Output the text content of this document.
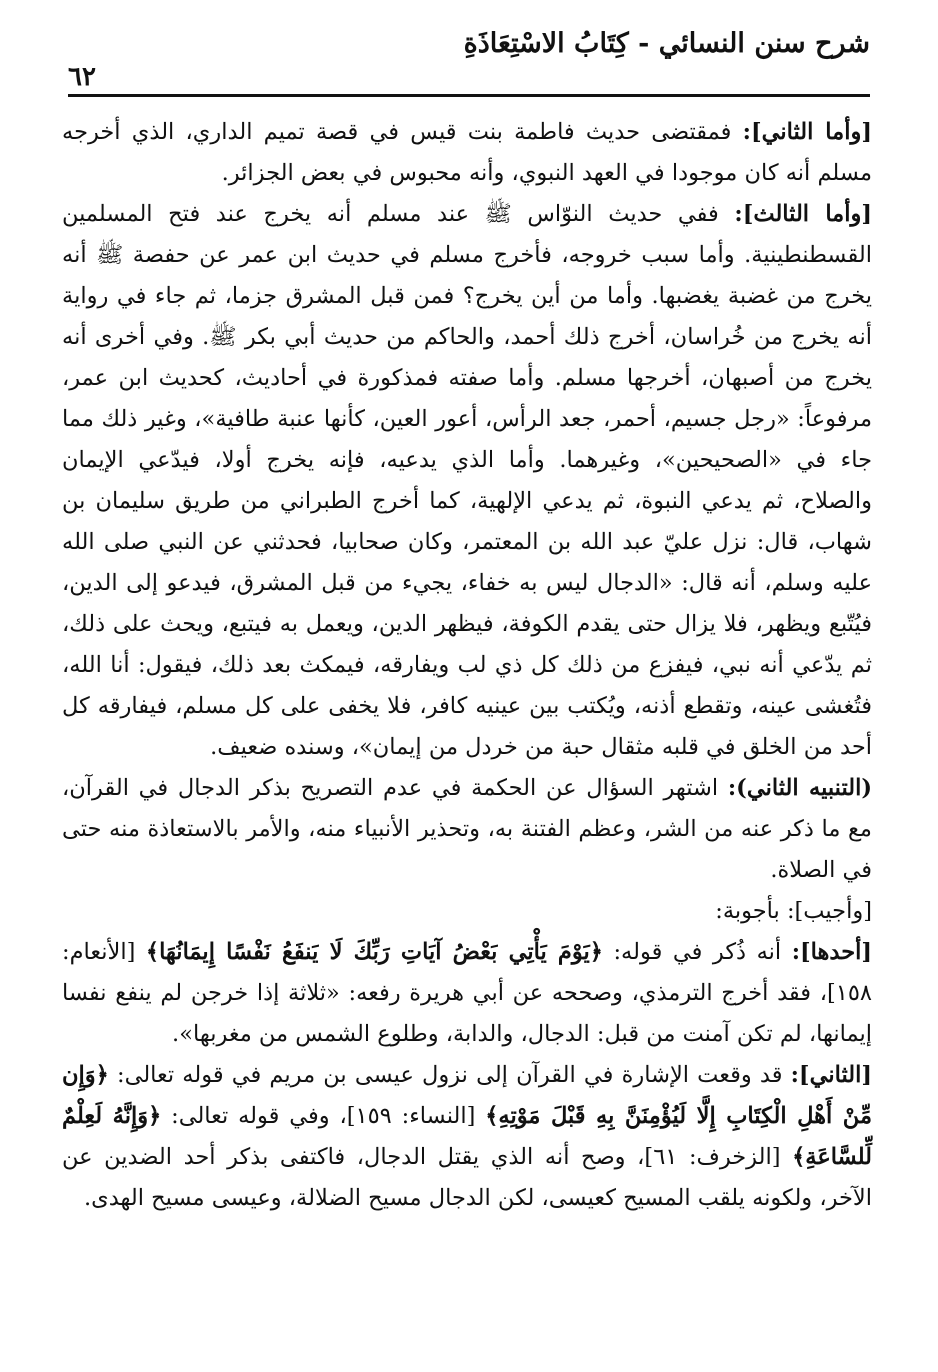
شرح سنن النسائي - كِتَابُ الاسْتِعَاذَةِ
٦٢

[وأما الثاني]: فمقتضى حديث فاطمة بنت قيس في قصة تميم الداري، الذي أخرجه مسلم أنه كان موجودا في العهد النبوي، وأنه محبوس في بعض الجزائر.

[وأما الثالث]: ففي حديث النوّاس ﷺ عند مسلم أنه يخرج عند فتح المسلمين القسطنطينية. وأما سبب خروجه، فأخرج مسلم في حديث ابن عمر عن حفصة ﷺ أنه يخرج من غضبة يغضبها. وأما من أين يخرج؟ فمن قبل المشرق جزما، ثم جاء في رواية أنه يخرج من خُراسان، أخرج ذلك أحمد، والحاكم من حديث أبي بكر ﷺ. وفي أخرى أنه يخرج من أصبهان، أخرجها مسلم. وأما صفته فمذكورة في أحاديث، كحديث ابن عمر، مرفوعاً: «رجل جسيم، أحمر، جعد الرأس، أعور العين، كأنها عنبة طافية»، وغير ذلك مما جاء في «الصحيحين»، وغيرهما. وأما الذي يدعيه، فإنه يخرج أولا، فيدّعي الإيمان والصلاح، ثم يدعي النبوة، ثم يدعي الإلهية، كما أخرج الطبراني من طريق سليمان بن شهاب، قال: نزل عليّ عبد الله بن المعتمر، وكان صحابيا، فحدثني عن النبي صلى الله عليه وسلم، أنه قال: «الدجال ليس به خفاء، يجيء من قبل المشرق، فيدعو إلى الدين، فيُتّبع ويظهر، فلا يزال حتى يقدم الكوفة، فيظهر الدين، ويعمل به فيتبع، ويحث على ذلك، ثم يدّعي أنه نبي، فيفزع من ذلك كل ذي لب ويفارقه، فيمكث بعد ذلك، فيقول: أنا الله، فتُغشى عينه، وتقطع أذنه، ويُكتب بين عينيه كافر، فلا يخفى على كل مسلم، فيفارقه كل أحد من الخلق في قلبه مثقال حبة من خردل من إيمان»، وسنده ضعيف.

(التنبيه الثاني): اشتهر السؤال عن الحكمة في عدم التصريح بذكر الدجال في القرآن، مع ما ذكر عنه من الشر، وعظم الفتنة به، وتحذير الأنبياء منه، والأمر بالاستعاذة منه حتى في الصلاة.

[وأجيب]: بأجوبة:

[أحدها]: أنه ذُكر في قوله: ﴿يَوْمَ يَأْتِي بَعْضُ آيَاتِ رَبِّكَ لَا يَنفَعُ نَفْسًا إِيمَانُهَا﴾ [الأنعام: ١٥٨]، فقد أخرج الترمذي، وصححه عن أبي هريرة رفعه: «ثلاثة إذا خرجن لم ينفع نفسا إيمانها، لم تكن آمنت من قبل: الدجال، والدابة، وطلوع الشمس من مغربها».

[الثاني]: قد وقعت الإشارة في القرآن إلى نزول عيسى بن مريم في قوله تعالى: ﴿وَإِن مِّنْ أَهْلِ الْكِتَابِ إِلَّا لَيُؤْمِنَنَّ بِهِ قَبْلَ مَوْتِهِ﴾ [النساء: ١٥٩]، وفي قوله تعالى: ﴿وَإِنَّهُ لَعِلْمٌ لِّلسَّاعَةِ﴾ [الزخرف: ٦١]، وصح أنه الذي يقتل الدجال، فاكتفى بذكر أحد الضدين عن الآخر، ولكونه يلقب المسيح كعيسى، لكن الدجال مسيح الضلالة، وعيسى مسيح الهدى.
